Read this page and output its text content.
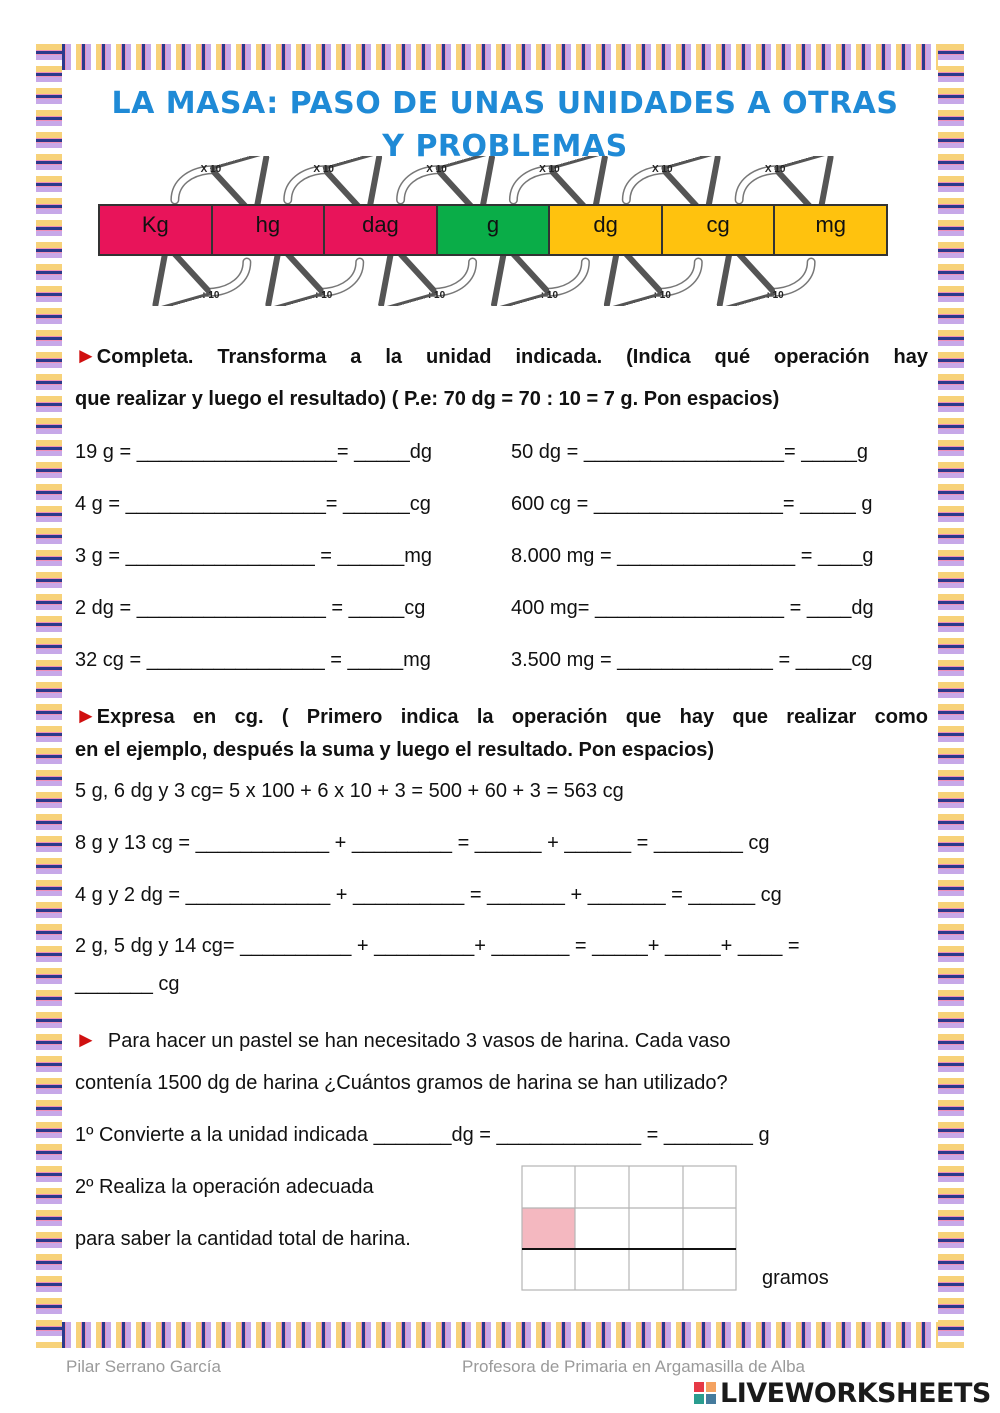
LA MASA: PASO DE UNAS UNIDADES A OTRAS
Y PROBLEMAS
X 10	X 10	X 10	X 10	X 10	X 10
Kg	hg	dag	g	dg	cg	mg
: 10	: 10	: 10	: 10	: 10	: 10
►Completa. Transforma a la unidad indicada. (Indica qué operación hay
que realizar y luego el resultado) ( P.e: 70 dg = 70 : 10 = 7 g. Pon espacios)
19 g = __________________= _____dg
4 g = __________________= ______cg
3 g = _________________ = ______mg
2 dg = _________________ = _____cg
32 cg = ________________ = _____mg
50 dg = __________________= _____g
600 cg = _________________= _____ g
8.000 mg = ________________ = ____g
400 mg= _________________ = ____dg
3.500 mg = ______________ = _____cg
►Expresa en cg. ( Primero indica la operación que hay que realizar como
en el ejemplo, después la suma y luego el resultado. Pon espacios)
5 g, 6 dg y 3 cg= 5 x 100 + 6 x 10 + 3 = 500 + 60 + 3 = 563 cg
8 g y 13 cg = ____________ + _________ = ______ + ______ = ________ cg
4 g y 2 dg = _____________ + __________ = _______ + _______ = ______ cg
2 g, 5 dg y 14 cg= __________ + _________+ _______ = _____+ _____+ ____ =
_______ cg
► Para hacer un pastel se han necesitado 3 vasos de harina. Cada vaso
contenía 1500 dg de harina ¿Cuántos gramos de harina se han utilizado?
1º Convierte a la unidad indicada _______dg = _____________ = ________ g
2º Realiza la operación adecuada
para saber la cantidad total de harina.
gramos
Pilar Serrano García	Profesora de Primaria en Argamasilla de Alba
LIVEWORKSHEETS
